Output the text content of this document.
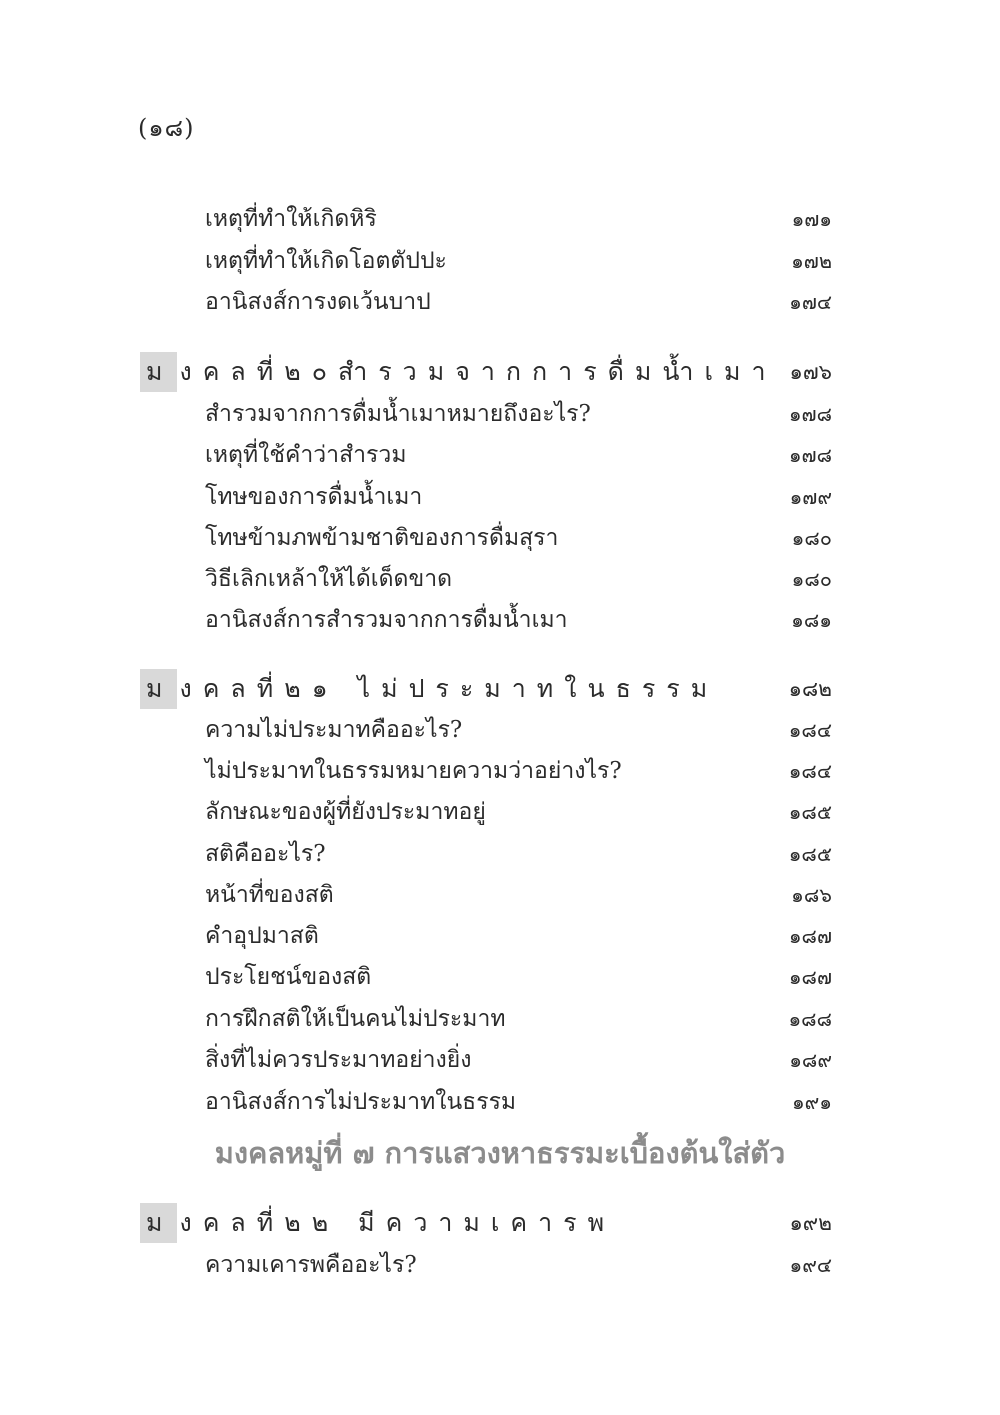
(๑๘)
เหตุที่ทำให้เกิดหิริ	๑๗๑
เหตุที่ทำให้เกิดโอตตัปปะ	๑๗๒
อานิสงส์การงดเว้นบาป	๑๗๔
ม งคลที่๒๐สำรวมจากการดื่มน้ำเมา ๑๗๖
สำรวมจากการดื่มน้ำเมาหมายถึงอะไร?	๑๗๘
เหตุที่ใช้คำว่าสำรวม	๑๗๘
โทษของการดื่มน้ำเมา	๑๗๙
โทษข้ามภพข้ามชาติของการดื่มสุรา	๑๘๐
วิธีเลิกเหล้าให้ได้เด็ดขาด	๑๘๐
อานิสงส์การสำรวมจากการดื่มน้ำเมา	๑๘๑
ม งคลที่๒๑ ไม่ประมาทในธรรม	๑๘๒
ความไม่ประมาทคืออะไร?	๑๘๔
ไม่ประมาทในธรรมหมายความว่าอย่างไร?	๑๘๔
ลักษณะของผู้ที่ยังประมาทอยู่	๑๘๕
สติคืออะไร?	๑๘๕
หน้าที่ของสติ	๑๘๖
คำอุปมาสติ	๑๘๗
ประโยชน์ของสติ	๑๘๗
การฝึกสติให้เป็นคนไม่ประมาท	๑๘๘
สิ่งที่ไม่ควรประมาทอย่างยิ่ง	๑๘๙
อานิสงส์การไม่ประมาทในธรรม	๑๙๑
มงคลหมู่ที่ ๗ การแสวงหาธรรมะเบื้องต้นใส่ตัว
ม งคลที่๒๒ มีความเคารพ	๑๙๒
ความเคารพคืออะไร?	๑๙๔
